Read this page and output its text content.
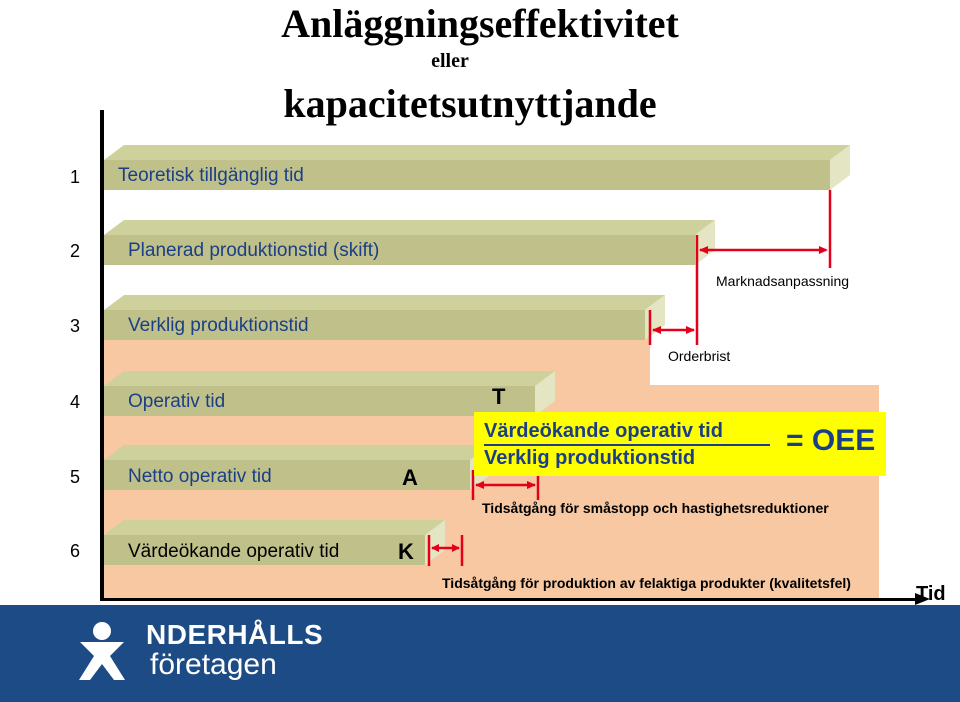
Anläggningseffektivitet
eller
kapacitetsutnyttjande
1
2
3
4
5
6
Teoretisk tillgänglig tid
Planerad produktionstid (skift)
Verklig produktionstid
Operativ tid
Netto operativ tid
Värdeökande operativ tid
T
A
K
Marknadsanpassning
Orderbrist
Tidsåtgång för småstopp och hastighetsreduktioner
Tidsåtgång för produktion av felaktiga produkter (kvalitetsfel)
Värdeökande operativ tid
Verklig produktionstid
= OEE
Tid
NDERHÅLLS
företagen
